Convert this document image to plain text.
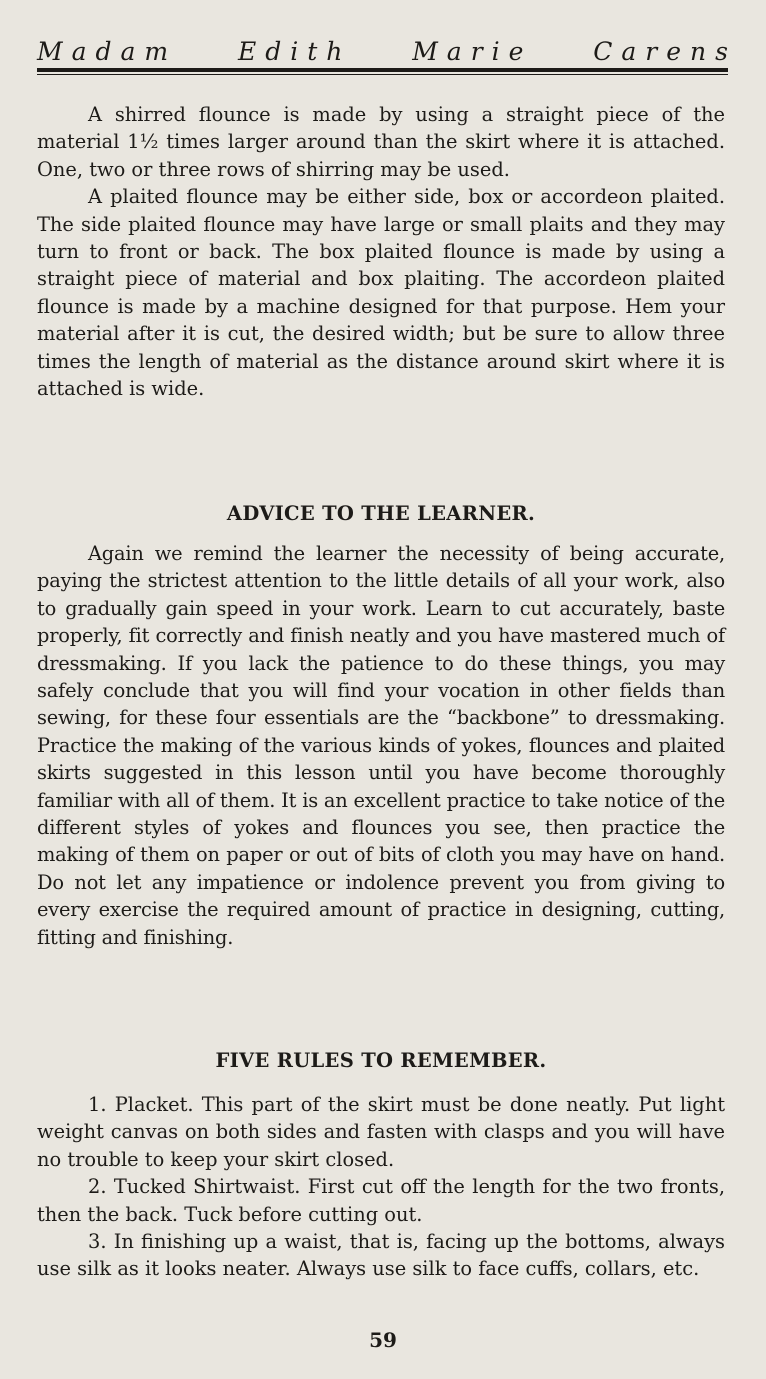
Madam Edith Marie Carens

A shirred flounce is made by using a straight piece of the material 1½ times larger around than the skirt where it is attached. One, two or three rows of shirring may be used.

A plaited flounce may be either side, box or accordeon plaited. The side plaited flounce may have large or small plaits and they may turn to front or back. The box plaited flounce is made by using a straight piece of material and box plaiting. The accordeon plaited flounce is made by a machine designed for that purpose. Hem your material after it is cut, the desired width; but be sure to allow three times the length of material as the distance around skirt where it is attached is wide.

ADVICE TO THE LEARNER.

Again we remind the learner the necessity of being accurate, paying the strictest attention to the little details of all your work, also to gradually gain speed in your work. Learn to cut accurately, baste properly, fit correctly and finish neatly and you have mastered much of dressmaking. If you lack the patience to do these things, you may safely conclude that you will find your vocation in other fields than sewing, for these four essentials are the “backbone” to dressmaking. Practice the making of the various kinds of yokes, flounces and plaited skirts suggested in this lesson until you have become thoroughly familiar with all of them. It is an excellent practice to take notice of the different styles of yokes and flounces you see, then practice the making of them on paper or out of bits of cloth you may have on hand. Do not let any impatience or indolence prevent you from giving to every exercise the required amount of practice in designing, cutting, fitting and finishing.

FIVE RULES TO REMEMBER.

1. Placket. This part of the skirt must be done neatly. Put light weight canvas on both sides and fasten with clasps and you will have no trouble to keep your skirt closed.

2. Tucked Shirtwaist. First cut off the length for the two fronts, then the back. Tuck before cutting out.

3. In finishing up a waist, that is, facing up the bottoms, always use silk as it looks neater. Always use silk to face cuffs, collars, etc.

59
